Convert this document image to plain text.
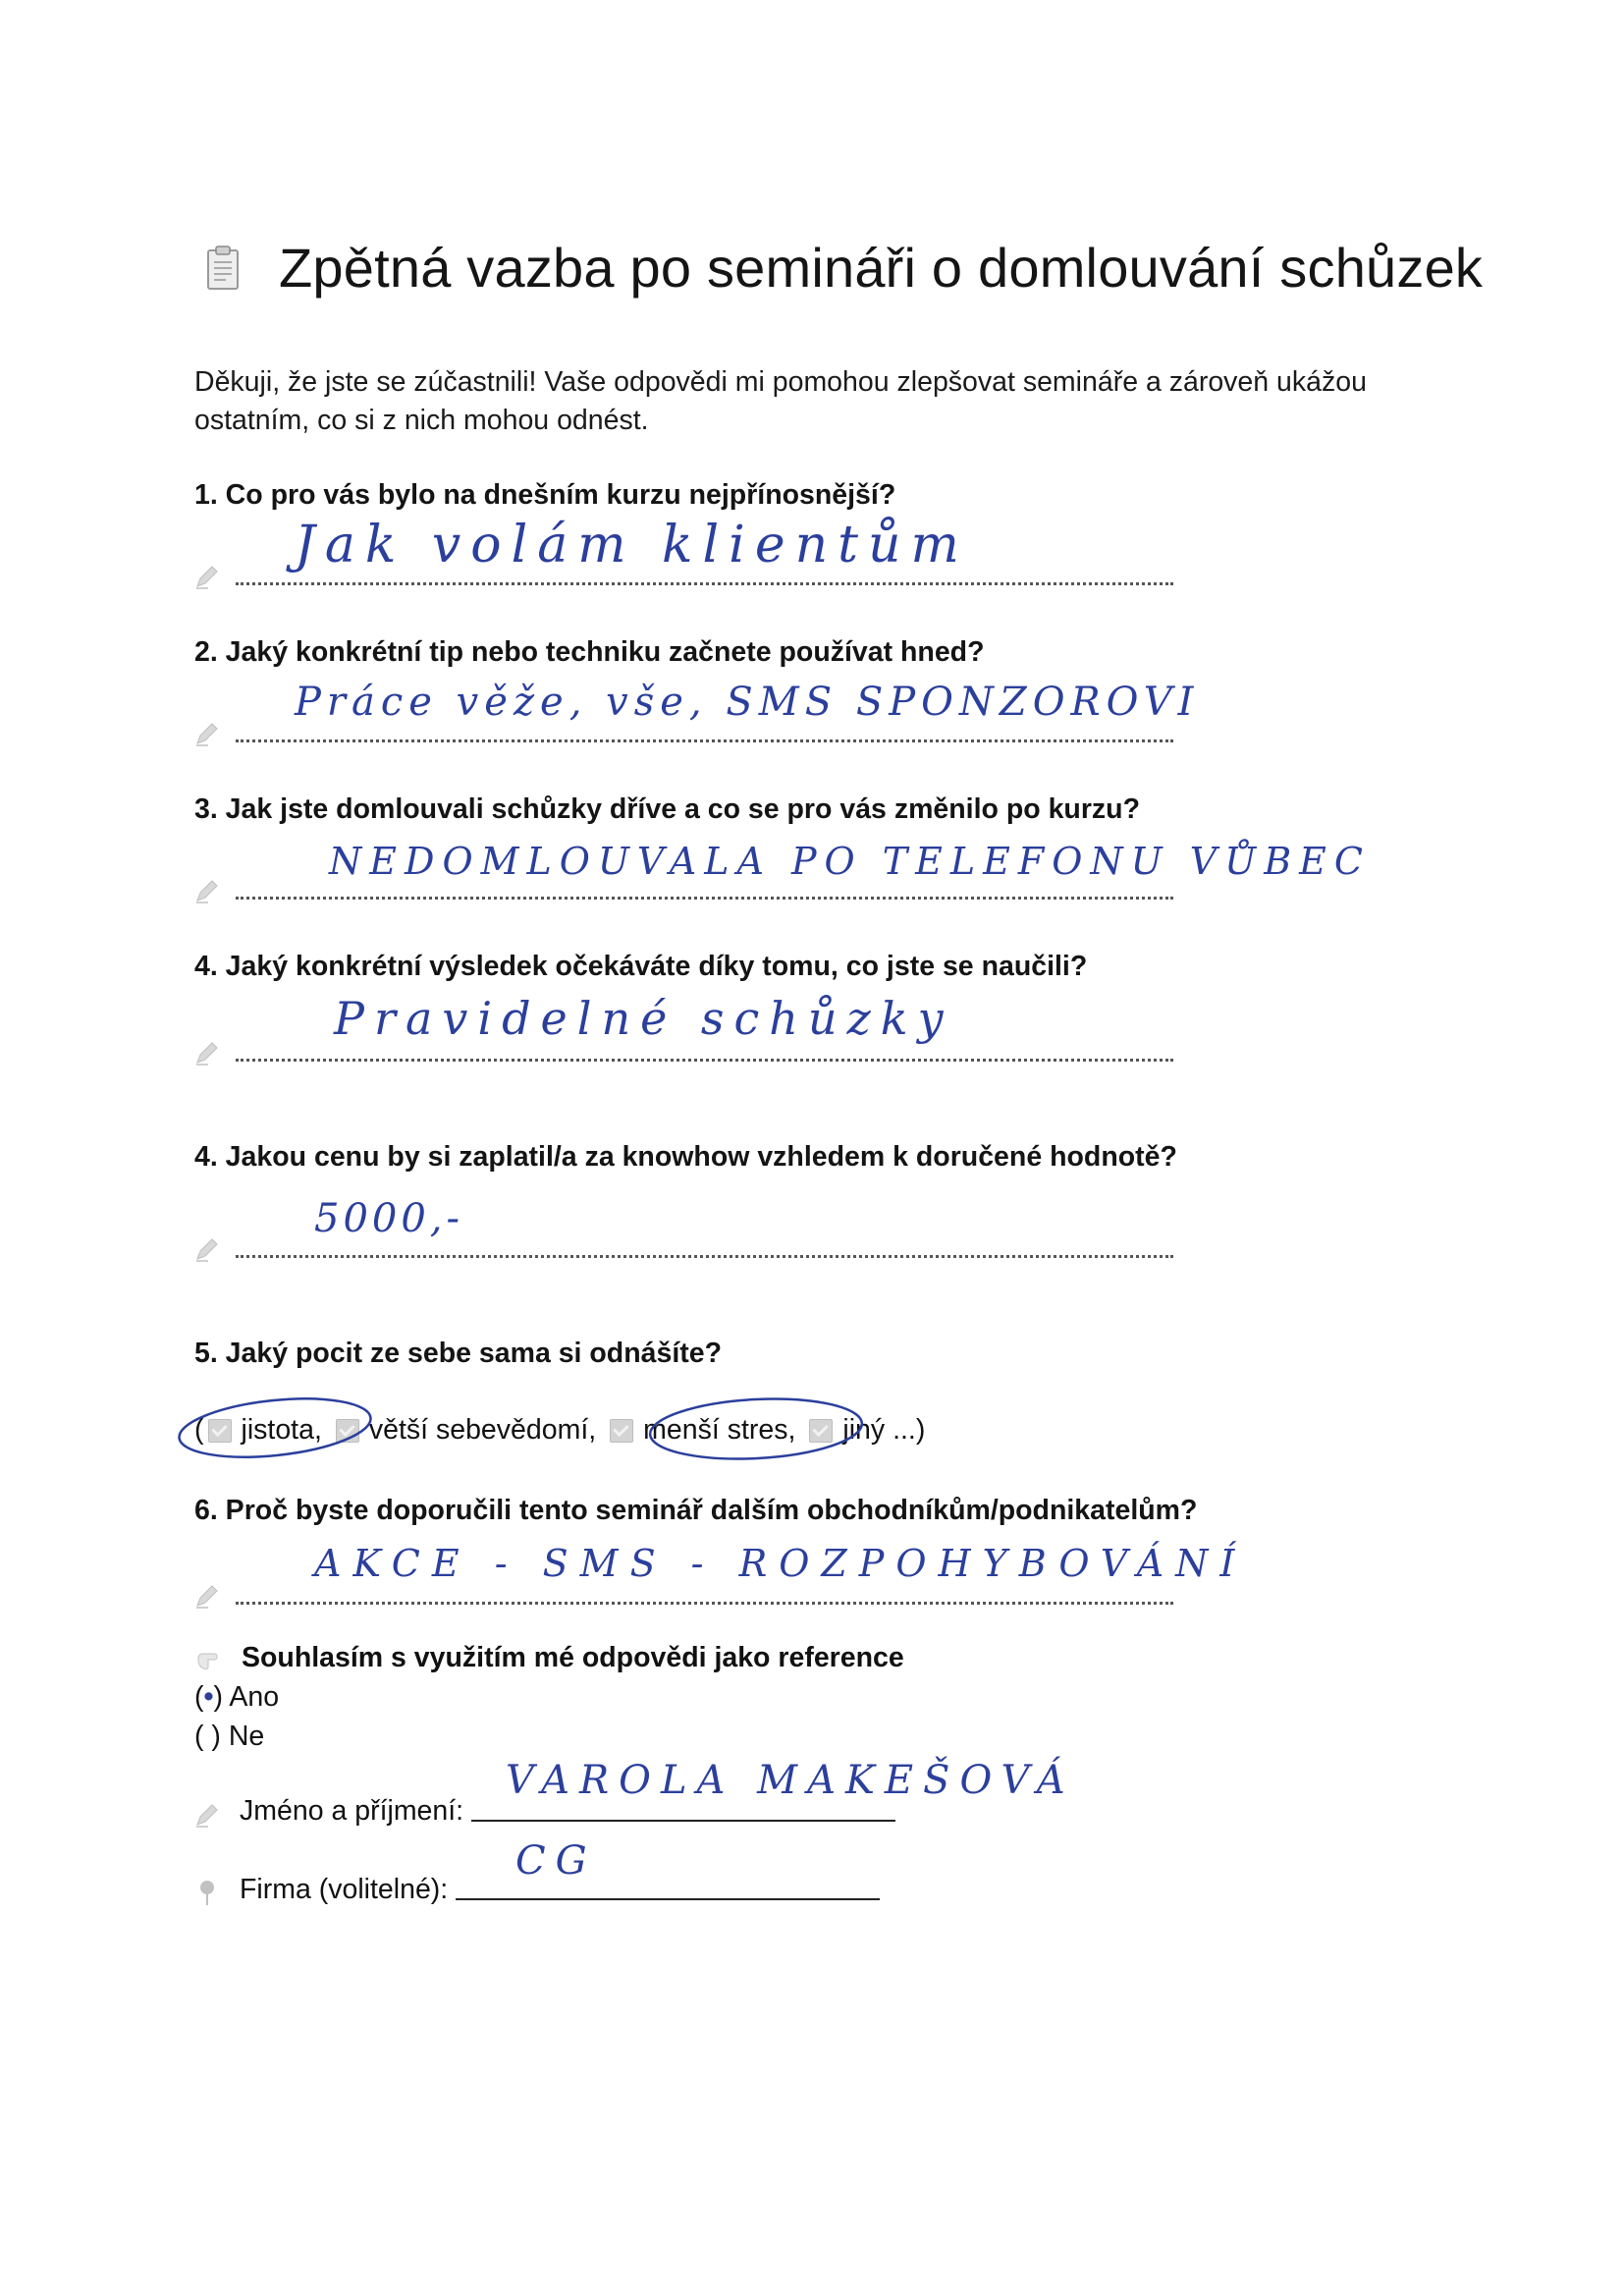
Zpětná vazba po semináři o domlouvání schůzek
Děkuji, že jste se zúčastnili! Vaše odpovědi mi pomohou zlepšovat semináře a zároveň ukážou ostatním, co si z nich mohou odnést.
1. Co pro vás bylo na dnešním kurzu nejpřínosnější?
Jak volám klientům
2. Jaký konkrétní tip nebo techniku začnete používat hned?
Práce věže, vše, SMS SPONZOROVI
3. Jak jste domlouvali schůzky dříve a co se pro vás změnilo po kurzu?
NEDOMLOUVALA PO TELEFONU VŮBEC
4. Jaký konkrétní výsledek očekáváte díky tomu, co jste se naučili?
Pravidelné schůzky
4. Jakou cenu by si zaplatil/a za knowhow vzhledem k doručené hodnotě?
5000,-
5. Jaký pocit ze sebe sama si odnášíte?
( jistota, větší sebevědomí, menší stres, jiný ...)
6. Proč byste doporučili tento seminář dalším obchodníkům/podnikatelům?
AKCE - SMS - ROZPOHYBOVÁNÍ
Souhlasím s využitím mé odpovědi jako reference
(•) Ano
( ) Ne
Jméno a příjmení:
VAROLA MAKEŠOVÁ
Firma (volitelné):
CG
